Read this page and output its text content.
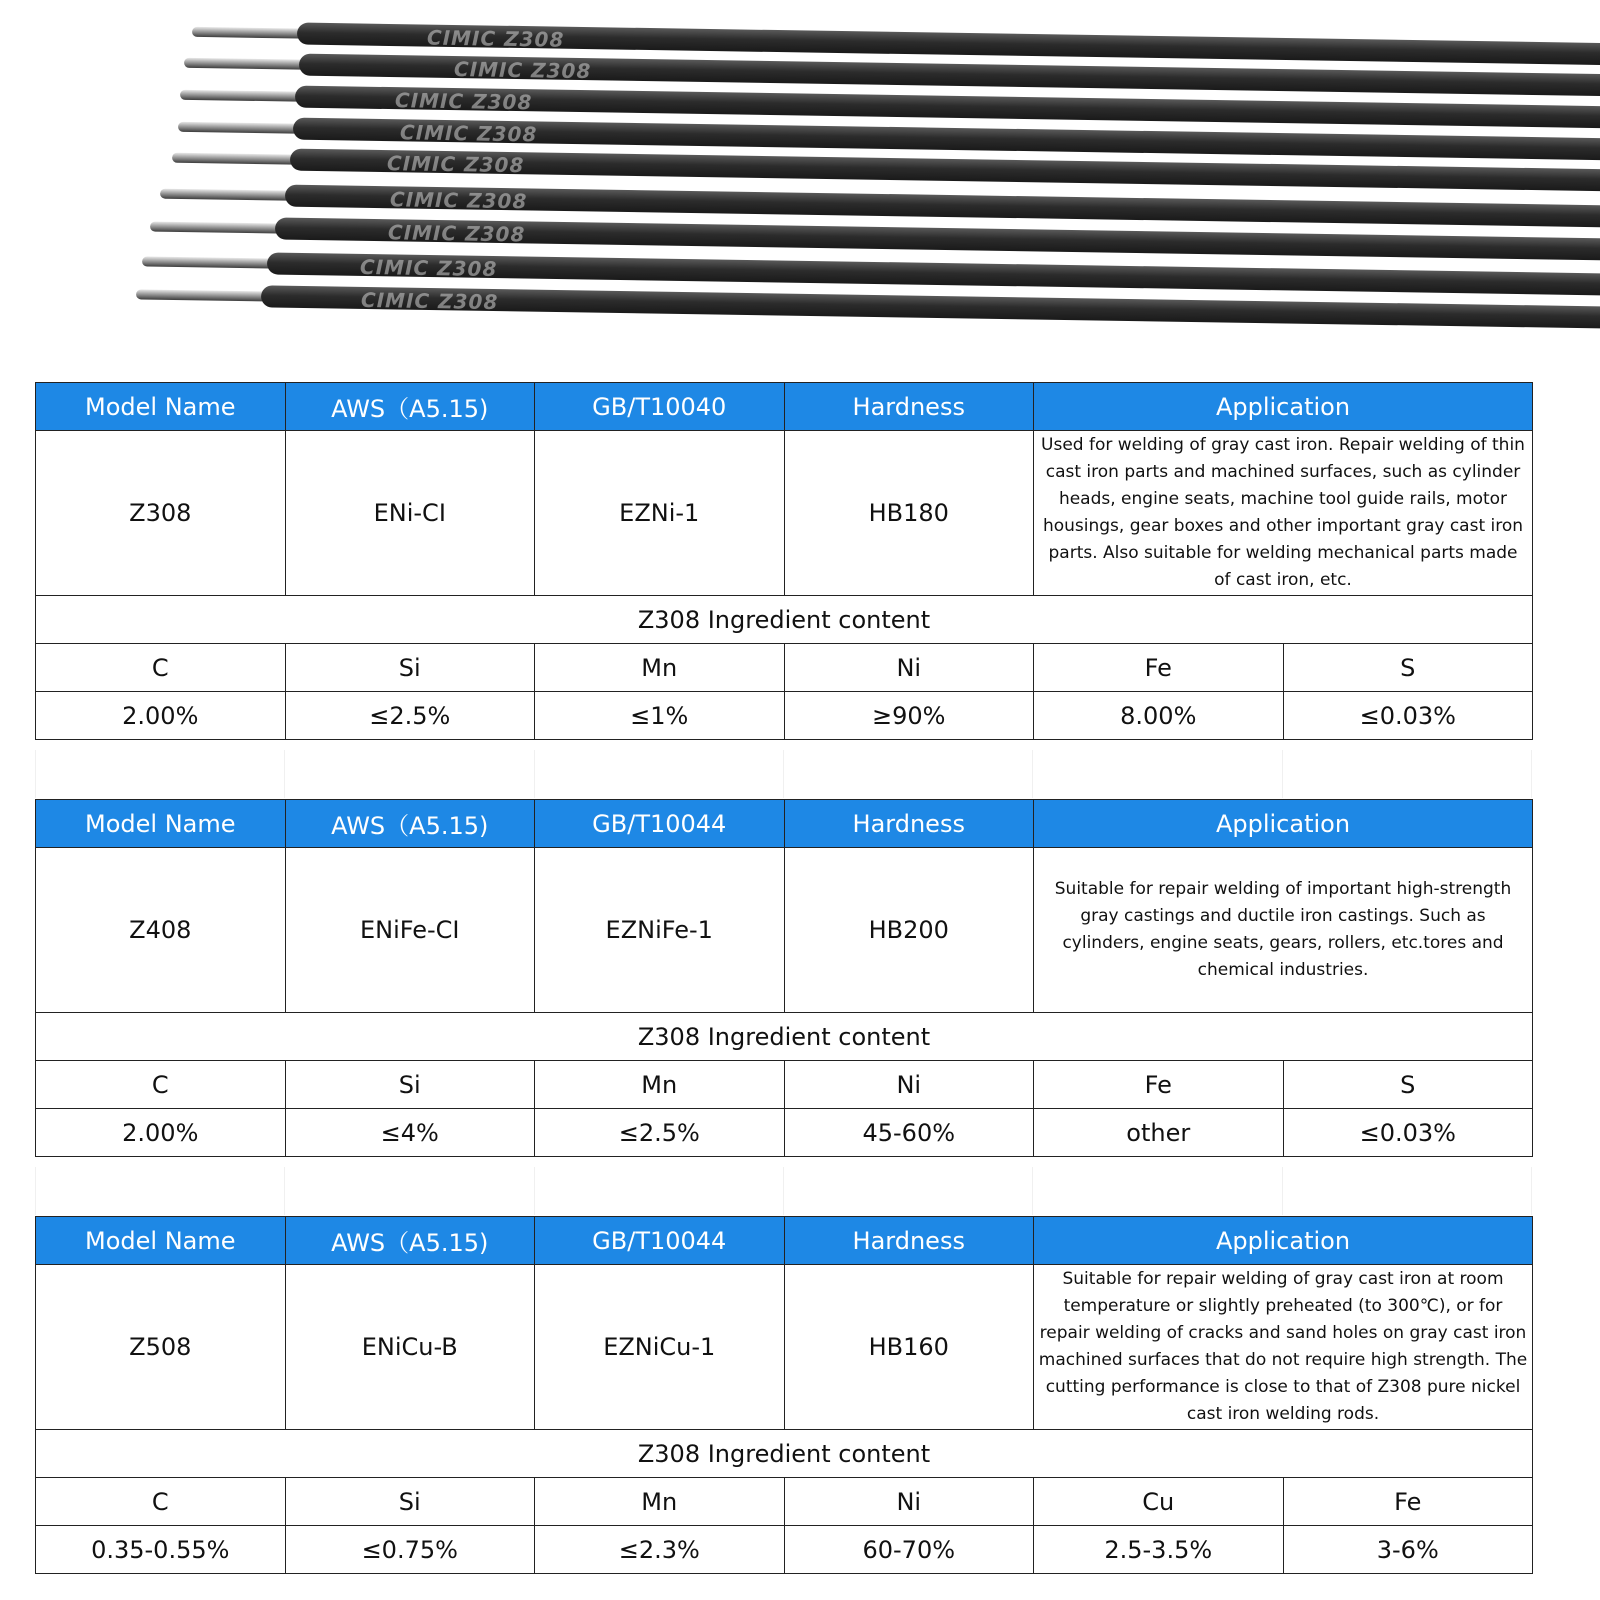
CIMIC Z308
CIMIC Z308
CIMIC Z308
CIMIC Z308
CIMIC Z308
CIMIC Z308
CIMIC Z308
CIMIC Z308
CIMIC Z308
Model Name	AWS（A5.15)	GB/T10040	Hardness	Application	
Z308	ENi-CI	EZNi-1	HB180	Used for welding of gray cast iron. Repair welding of thin cast iron parts and machined surfaces, such as cylinder heads, engine seats, machine tool guide rails, motor housings, gear boxes and other important gray cast iron parts. Also suitable for welding mechanical parts made of cast iron, etc.	
Z308 Ingredient content					
C	Si	Mn	Ni	Fe	S
2.00%	≤2.5%	≤1%	≥90%	8.00%	≤0.03%
Model Name	AWS（A5.15)	GB/T10044	Hardness	Application	
Z408	ENiFe-CI	EZNiFe-1	HB200	Suitable for repair welding of important high-strength gray castings and ductile iron castings. Such as cylinders, engine seats, gears, rollers, etc.tores and chemical industries.	
Z308 Ingredient content					
C	Si	Mn	Ni	Fe	S
2.00%	≤4%	≤2.5%	45-60%	other	≤0.03%
Model Name	AWS（A5.15)	GB/T10044	Hardness	Application	
Z508	ENiCu-B	EZNiCu-1	HB160	Suitable for repair welding of gray cast iron at room temperature or slightly preheated (to 300℃), or for repair welding of cracks and sand holes on gray cast iron machined surfaces that do not require high strength. The cutting performance is close to that of Z308 pure nickel cast iron welding rods.	
Z308 Ingredient content					
C	Si	Mn	Ni	Cu	Fe
0.35-0.55%	≤0.75%	≤2.3%	60-70%	2.5-3.5%	3-6%
